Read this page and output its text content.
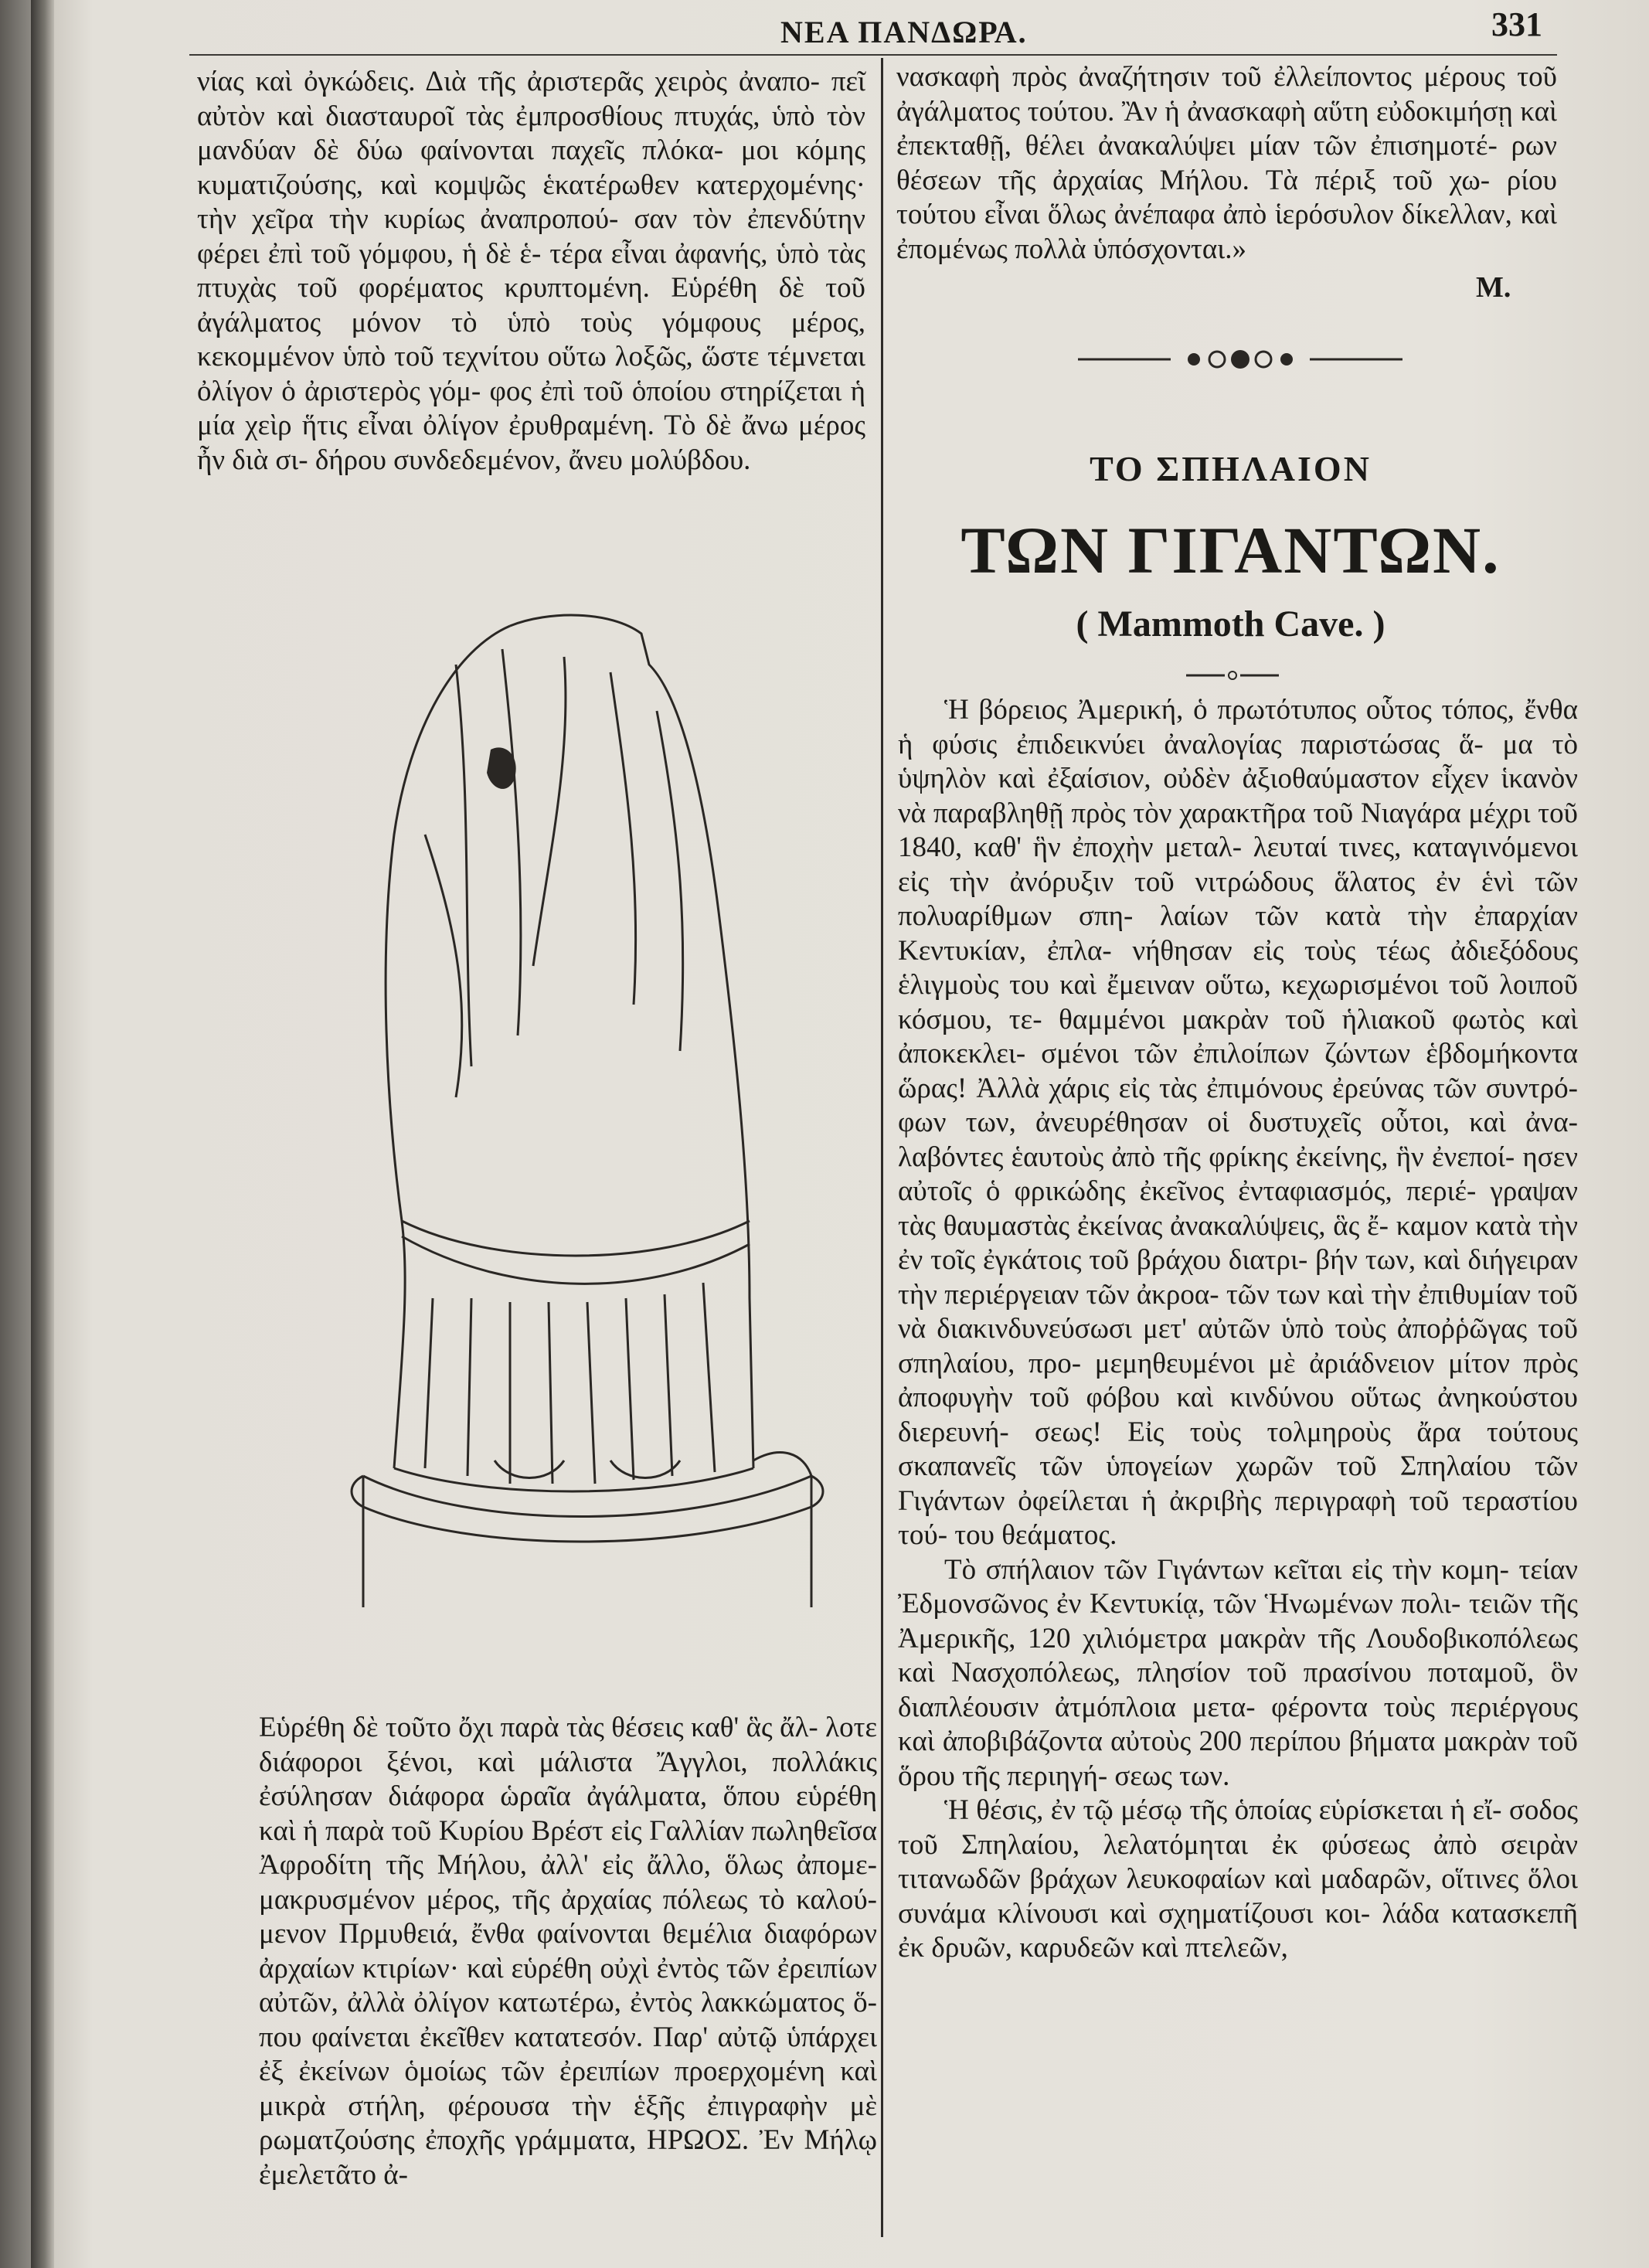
ΝΕΑ ΠΑΝΔΩΡΑ.	331

νίας καὶ ὀγκώδεις. Διὰ τῆς ἀριστερᾶς χειρὸς ἀναπο- πεῖ αὐτὸν καὶ διασταυροῖ τὰς ἐμπροσθίους πτυχάς, ὑπὸ τὸν μανδύαν δὲ δύω φαίνονται παχεῖς πλόκα- μοι κόμης κυματιζούσης, καὶ κομψῶς ἑκατέρωθεν κατερχομένης· τὴν χεῖρα τὴν κυρίως ἀναπροπού- σαν τὸν ἐπενδύτην φέρει ἐπὶ τοῦ γόμφου, ἡ δὲ ἑ- τέρα εἶναι ἀφανής, ὑπὸ τὰς πτυχὰς τοῦ φορέματος κρυπτομένη. Εὑρέθη δὲ τοῦ ἀγάλματος μόνον τὸ ὑπὸ τοὺς γόμφους μέρος, κεκομμένον ὑπὸ τοῦ τεχνίτου οὕτω λοξῶς, ὥστε τέμνεται ὀλίγον ὁ ἀριστερὸς γόμ- φος ἐπὶ τοῦ ὁποίου στηρίζεται ἡ μία χεὶρ ἥτις εἶναι ὀλίγον ἐρυθραμένη. Τὸ δὲ ἄνω μέρος ἦν διὰ σι- δήρου συνδεδεμένον, ἄνευ μολύβδου.

Εὑρέθη δὲ τοῦτο ὄχι παρὰ τὰς θέσεις καθ' ἃς ἄλ- λοτε διάφοροι ξένοι, καὶ μάλιστα Ἄγγλοι, πολλάκις ἐσύλησαν διάφορα ὡραῖα ἀγάλματα, ὅπου εὑρέθη καὶ ἡ παρὰ τοῦ Κυρίου Βρέστ εἰς Γαλλίαν πωληθεῖσα Ἀφροδίτη τῆς Μήλου, ἀλλ' εἰς ἄλλο, ὅλως ἀπομε- μακρυσμένον μέρος, τῆς ἀρχαίας πόλεως τὸ καλού- μενον Πρμυθειά, ἔνθα φαίνονται θεμέλια διαφόρων ἀρχαίων κτιρίων· καὶ εὑρέθη οὐχὶ ἐντὸς τῶν ἐρειπίων αὐτῶν, ἀλλὰ ὀλίγον κατωτέρω, ἐντὸς λακκώματος ὅ- που φαίνεται ἐκεῖθεν κατατεσόν. Παρ' αὐτῷ ὑπάρχει ἐξ ἐκείνων ὁμοίως τῶν ἐρειπίων προερχομένη καὶ μικρὰ στήλη, φέρουσα τὴν ἑξῆς ἐπιγραφὴν μὲ ρωματζούσης ἐποχῆς γράμματα, ΗΡΩΟΣ. Ἐν Μήλῳ ἐμελετᾶτο ἀ-

νασκαφὴ πρὸς ἀναζήτησιν τοῦ ἐλλείποντος μέρους τοῦ ἀγάλματος τούτου. Ἂν ἡ ἀνασκαφὴ αὕτη εὐδοκιμήσῃ καὶ ἐπεκταθῇ, θέλει ἀνακαλύψει μίαν τῶν ἐπισημοτέ- ρων θέσεων τῆς ἀρχαίας Μήλου. Τὰ πέριξ τοῦ χω- ρίου τούτου εἶναι ὅλως ἀνέπαφα ἀπὸ ἱερόσυλον δίκελλαν, καὶ ἐπομένως πολλὰ ὑπόσχονται.»

Μ.
ΤΟ ΣΠΗΛΑΙΟΝ
ΤΩΝ ΓΙΓΑΝΤΩΝ.
( Mammoth Cave. )

Ἡ βόρειος Ἀμερική, ὁ πρωτότυπος οὗτος τόπος, ἔνθα ἡ φύσις ἐπιδεικνύει ἀναλογίας παριστώσας ἅ- μα τὸ ὑψηλὸν καὶ ἐξαίσιον, οὐδὲν ἀξιοθαύμαστον εἶχεν ἱκανὸν νὰ παραβληθῇ πρὸς τὸν χαρακτῆρα τοῦ Νιαγάρα μέχρι τοῦ 1840, καθ' ἣν ἐποχὴν μεταλ- λευταί τινες, καταγινόμενοι εἰς τὴν ἀνόρυξιν τοῦ νιτρώδους ἅλατος ἐν ἑνὶ τῶν πολυαρίθμων σπη- λαίων τῶν κατὰ τὴν ἐπαρχίαν Κεντυκίαν, ἐπλα- νήθησαν εἰς τοὺς τέως ἀδιεξόδους ἑλιγμοὺς του καὶ ἔμειναν οὕτω, κεχωρισμένοι τοῦ λοιποῦ κόσμου, τε- θαμμένοι μακρὰν τοῦ ἡλιακοῦ φωτὸς καὶ ἀποκεκλει- σμένοι τῶν ἐπιλοίπων ζώντων ἑβδομήκοντα ὥρας! Ἀλλὰ χάρις εἰς τὰς ἐπιμόνους ἐρεύνας τῶν συντρό- φων των, ἀνευρέθησαν οἱ δυστυχεῖς οὗτοι, καὶ ἀνα- λαβόντες ἑαυτοὺς ἀπὸ τῆς φρίκης ἐκείνης, ἣν ἐνεποί- ησεν αὐτοῖς ὁ φρικώδης ἐκεῖνος ἐνταφιασμός, περιέ- γραψαν τὰς θαυμαστὰς ἐκείνας ἀνακαλύψεις, ἃς ἔ- καμον κατὰ τὴν ἐν τοῖς ἐγκάτοις τοῦ βράχου διατρι- βήν των, καὶ διήγειραν τὴν περιέργειαν τῶν ἀκροα- τῶν των καὶ τὴν ἐπιθυμίαν τοῦ νὰ διακινδυνεύσωσι μετ' αὐτῶν ὑπὸ τοὺς ἀποῤῥῶγας τοῦ σπηλαίου, προ- μεμηθευμένοι μὲ ἀριάδνειον μίτον πρὸς ἀποφυγὴν τοῦ φόβου καὶ κινδύνου οὕτως ἀνηκούστου διερευνή- σεως! Εἰς τοὺς τολμηροὺς ἄρα τούτους σκαπανεῖς τῶν ὑπογείων χωρῶν τοῦ Σπηλαίου τῶν Γιγάντων ὀφείλεται ἡ ἀκριβὴς περιγραφὴ τοῦ τεραστίου τού- του θεάματος.

Τὸ σπήλαιον τῶν Γιγάντων κεῖται εἰς τὴν κομη- τείαν Ἐδμονσῶνος ἐν Κεντυκίᾳ, τῶν Ἡνωμένων πολι- τειῶν τῆς Ἀμερικῆς, 120 χιλιόμετρα μακρὰν τῆς Λουδοβικοπόλεως καὶ Νασχοπόλεως, πλησίον τοῦ πρασίνου ποταμοῦ, ὃν διαπλέουσιν ἀτμόπλοια μετα- φέροντα τοὺς περιέργους καὶ ἀποβιβάζοντα αὐτοὺς 200 περίπου βήματα μακρὰν τοῦ ὅρου τῆς περιηγή- σεως των.

Ἡ θέσις, ἐν τῷ μέσῳ τῆς ὁποίας εὑρίσκεται ἡ εἴ- σοδος τοῦ Σπηλαίου, λελατόμηται ἐκ φύσεως ἀπὸ σειρὰν τιτανωδῶν βράχων λευκοφαίων καὶ μαδαρῶν, οἵτινες ὅλοι συνάμα κλίνουσι καὶ σχηματίζουσι κοι- λάδα κατασκεπῆ ἐκ δρυῶν, καρυδεῶν καὶ πτελεῶν,
